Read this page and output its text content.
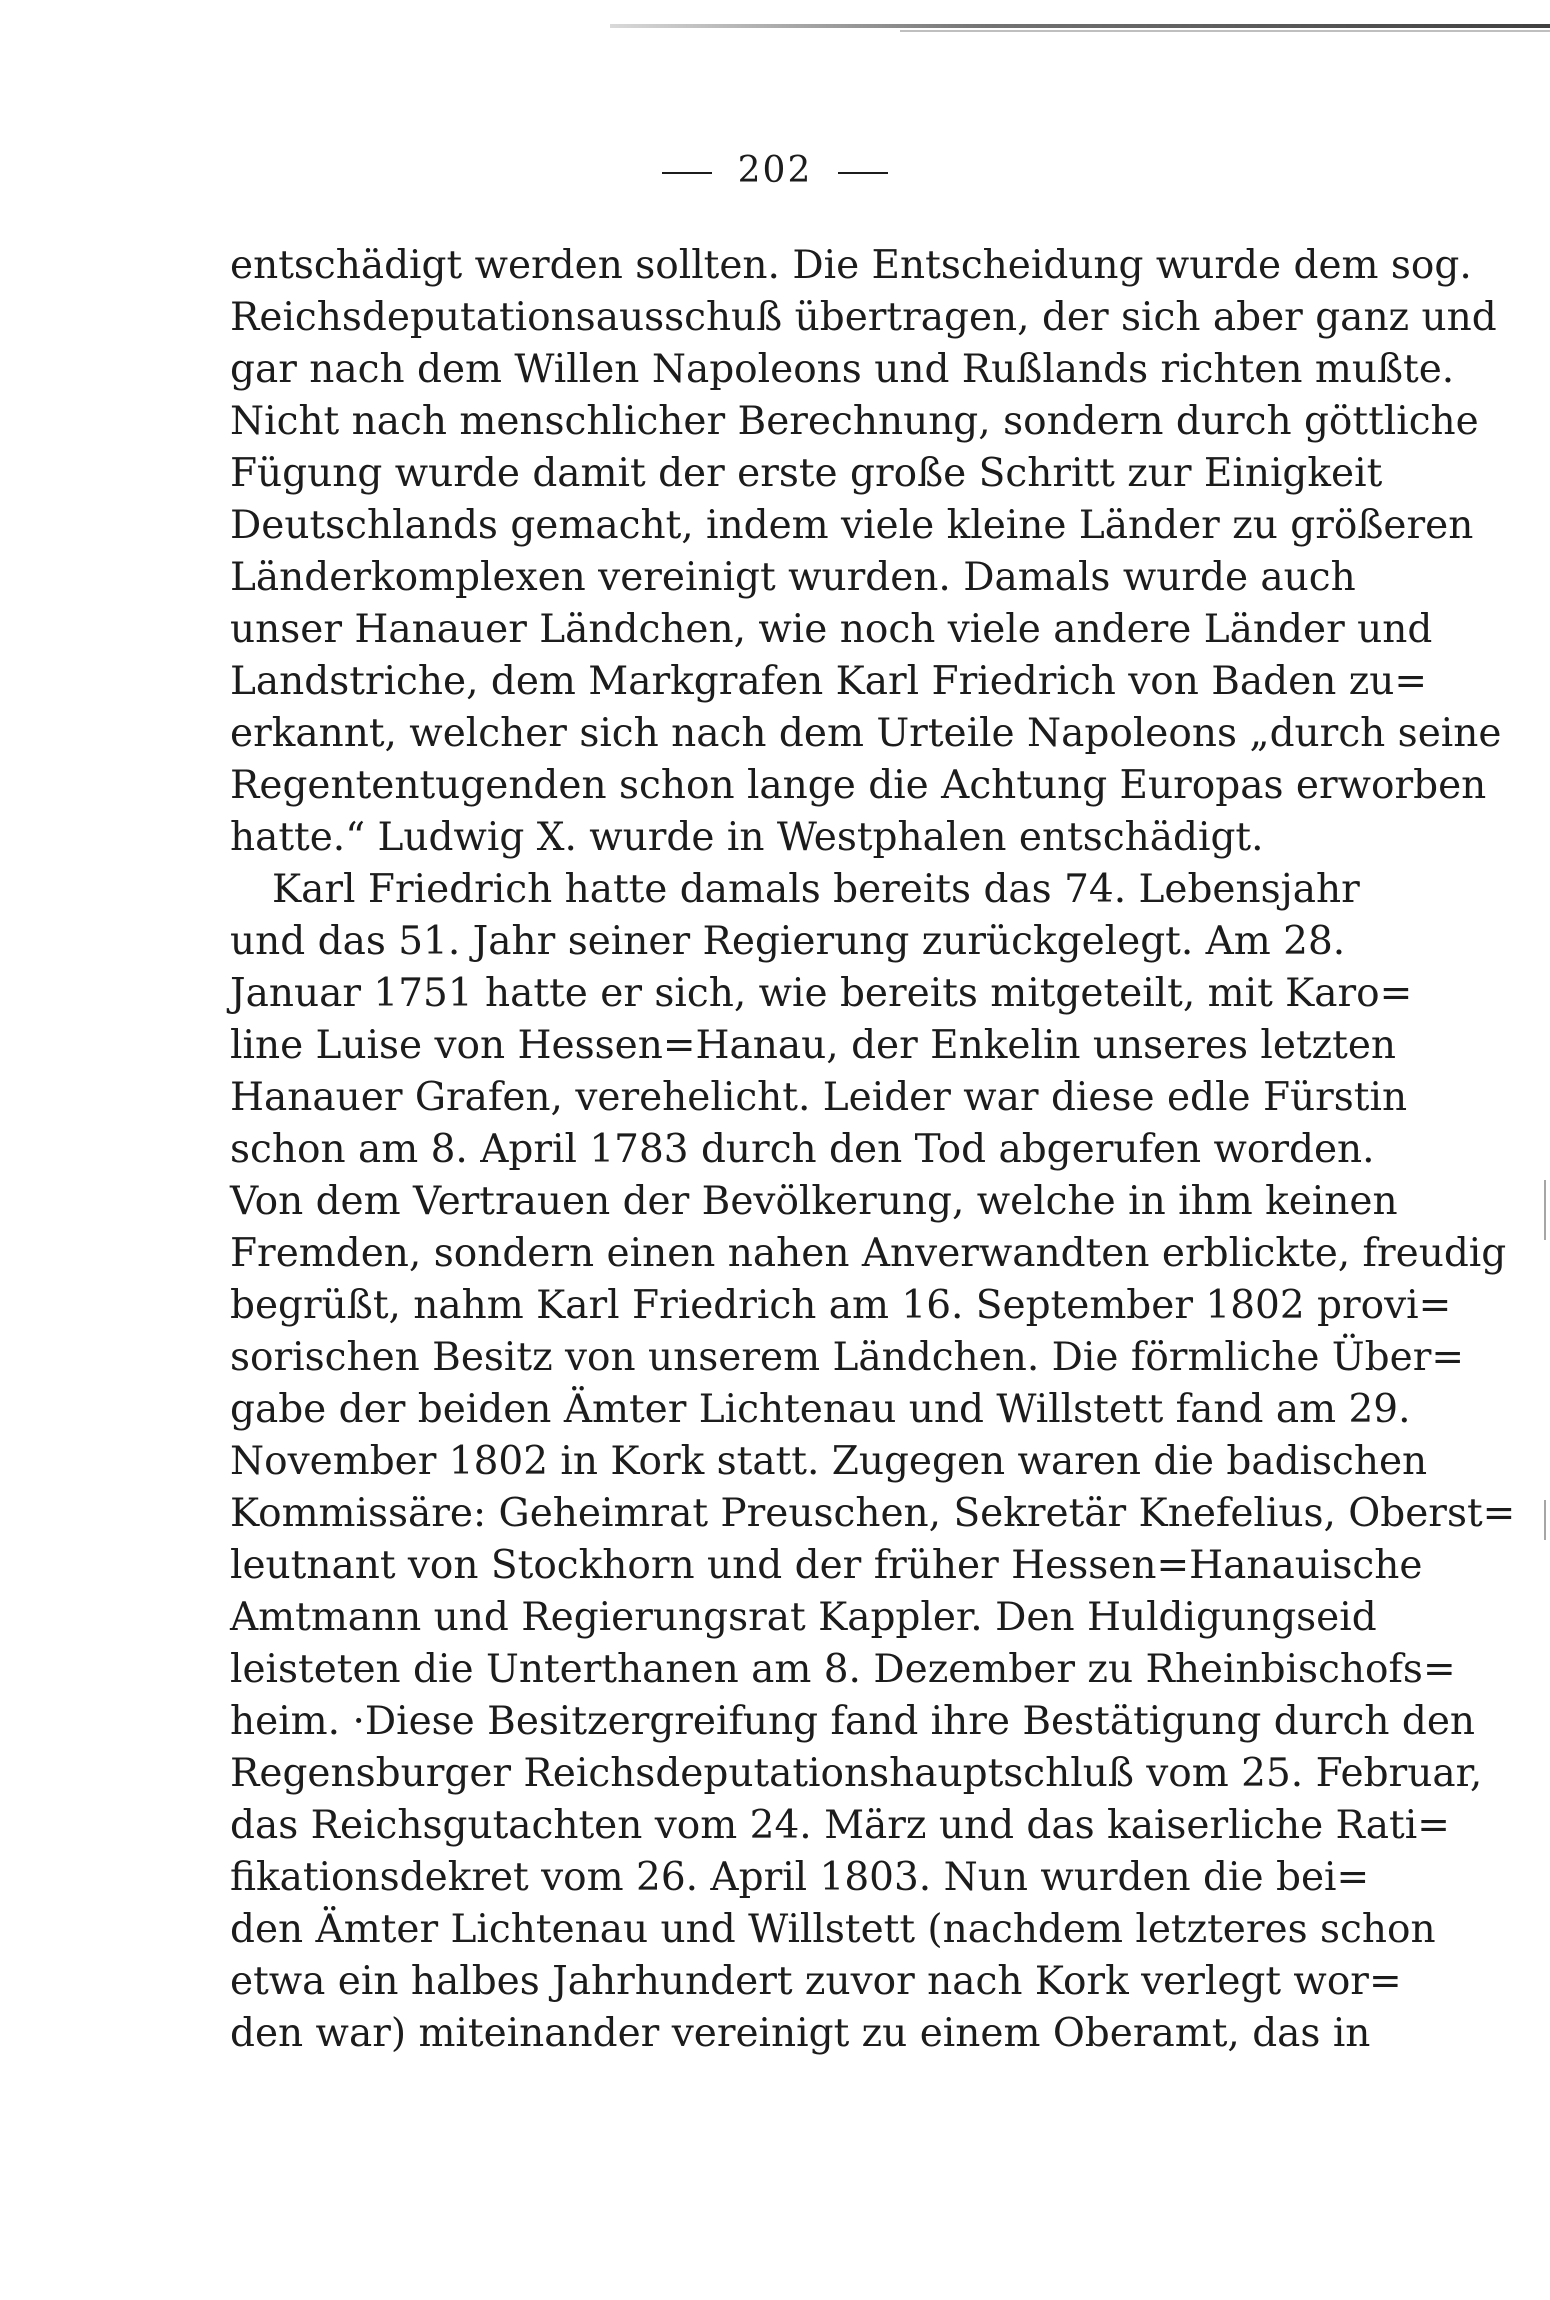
202
entschädigt werden sollten. Die Entscheidung wurde dem sog.
Reichsdeputationsausschuß übertragen, der sich aber ganz und
gar nach dem Willen Napoleons und Rußlands richten mußte.
Nicht nach menschlicher Berechnung, sondern durch göttliche
Fügung wurde damit der erste große Schritt zur Einigkeit
Deutschlands gemacht, indem viele kleine Länder zu größeren
Länderkomplexen vereinigt wurden. Damals wurde auch
unser Hanauer Ländchen, wie noch viele andere Länder und
Landstriche, dem Markgrafen Karl Friedrich von Baden zu=
erkannt, welcher sich nach dem Urteile Napoleons „durch seine
Regententugenden schon lange die Achtung Europas erworben
hatte.“ Ludwig X. wurde in Westphalen entschädigt.
Karl Friedrich hatte damals bereits das 74. Lebensjahr
und das 51. Jahr seiner Regierung zurückgelegt. Am 28.
Januar 1751 hatte er sich, wie bereits mitgeteilt, mit Karo=
line Luise von Hessen=Hanau, der Enkelin unseres letzten
Hanauer Grafen, verehelicht. Leider war diese edle Fürstin
schon am 8. April 1783 durch den Tod abgerufen worden.
Von dem Vertrauen der Bevölkerung, welche in ihm keinen
Fremden, sondern einen nahen Anverwandten erblickte, freudig
begrüßt, nahm Karl Friedrich am 16. September 1802 provi=
sorischen Besitz von unserem Ländchen. Die förmliche Über=
gabe der beiden Ämter Lichtenau und Willstett fand am 29.
November 1802 in Kork statt. Zugegen waren die badischen
Kommissäre: Geheimrat Preuschen, Sekretär Knefelius, Oberst=
leutnant von Stockhorn und der früher Hessen=Hanauische
Amtmann und Regierungsrat Kappler. Den Huldigungseid
leisteten die Unterthanen am 8. Dezember zu Rheinbischofs=
heim. ·Diese Besitzergreifung fand ihre Bestätigung durch den
Regensburger Reichsdeputationshauptschluß vom 25. Februar,
das Reichsgutachten vom 24. März und das kaiserliche Rati=
fikationsdekret vom 26. April 1803. Nun wurden die bei=
den Ämter Lichtenau und Willstett (nachdem letzteres schon
etwa ein halbes Jahrhundert zuvor nach Kork verlegt wor=
den war) miteinander vereinigt zu einem Oberamt, das in
